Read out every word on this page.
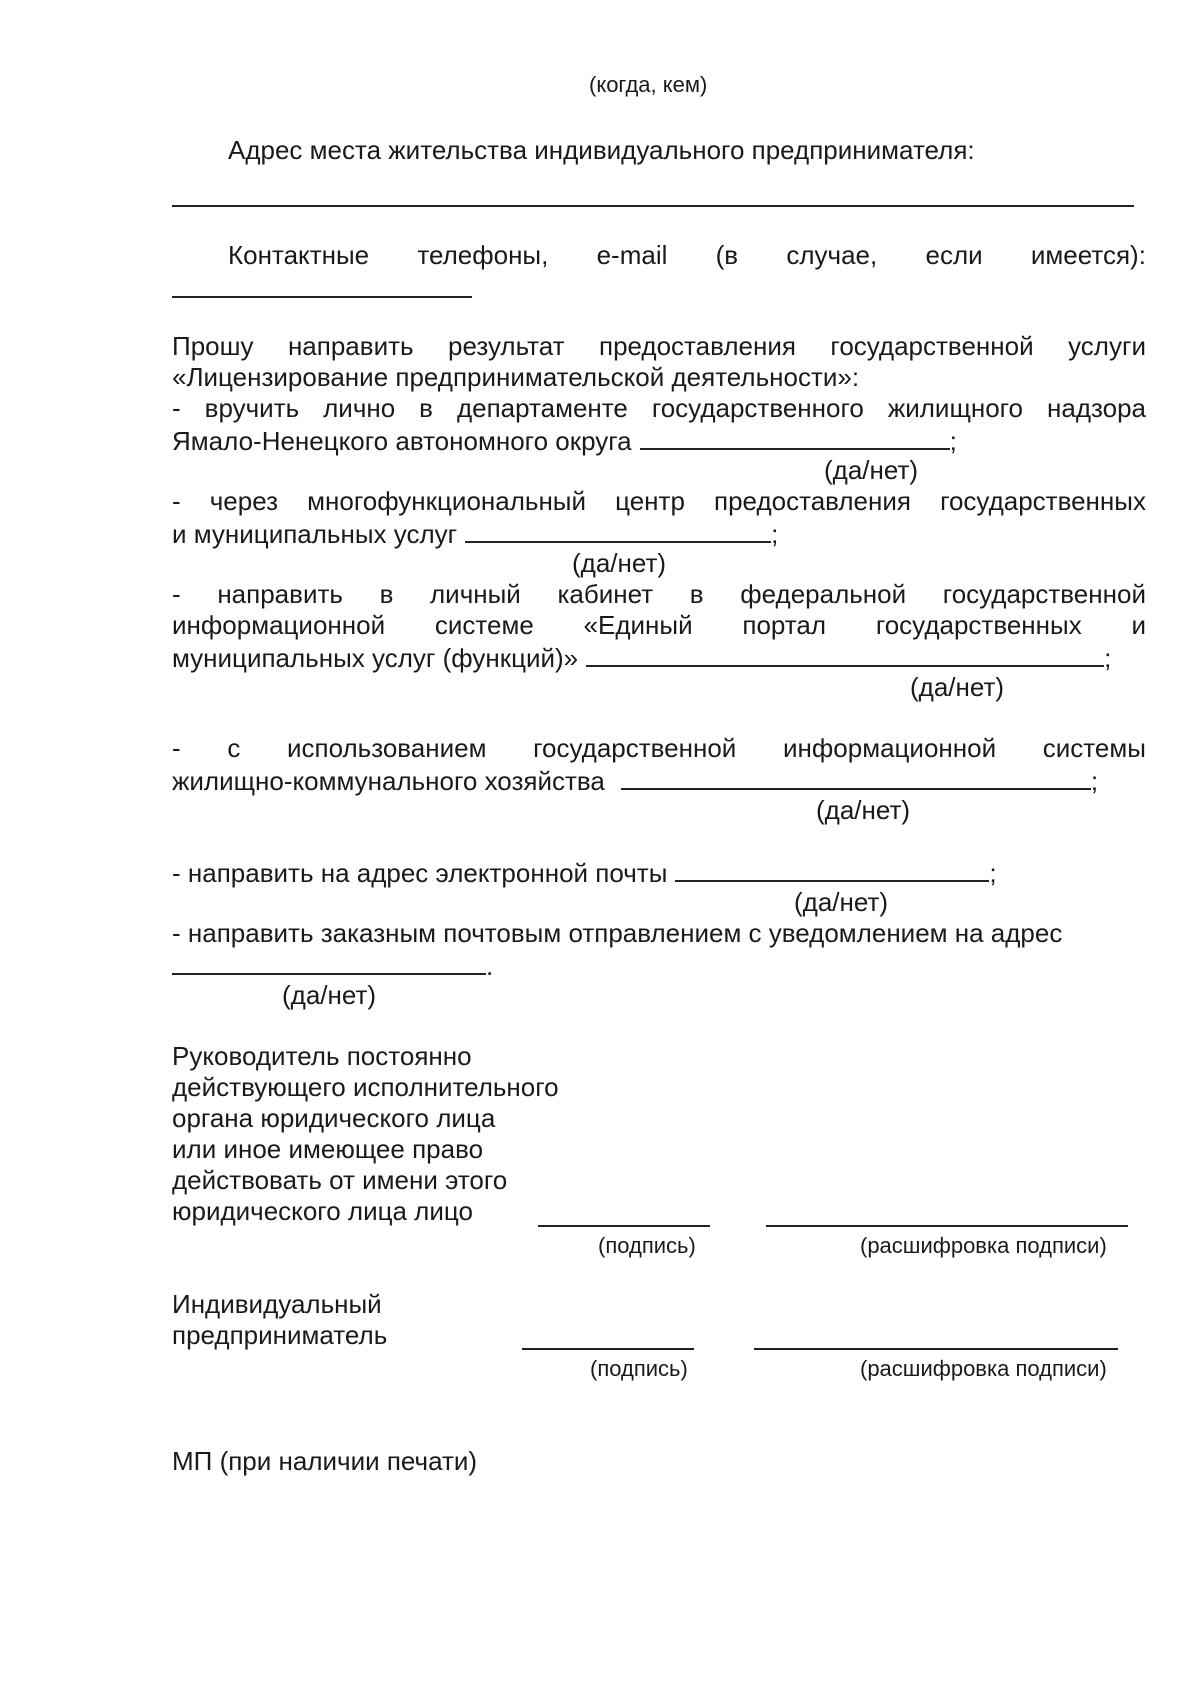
(когда, кем)
Адрес места жительства индивидуального предпринимателя:
Контактные телефоны, e-mail (в случае, если имеется):
Прошу направить результат предоставления государственной услуги
«Лицензирование предпринимательской деятельности»:
- вручить лично в департаменте государственного жилищного надзора
Ямало-Ненецкого автономного округа	;
(да/нет)
- через многофункциональный центр предоставления государственных
и муниципальных услуг	;
(да/нет)
- направить в личный кабинет в федеральной государственной
информационной системе «Единый портал государственных и
муниципальных услуг (функций)»	;
(да/нет)
- с использованием государственной информационной системы
жилищно-коммунального хозяйства	;
(да/нет)
- направить на адрес электронной почты	;
(да/нет)
- направить заказным почтовым отправлением с уведомлением на адрес
.
(да/нет)
Руководитель постоянно
действующего исполнительного
органа юридического лица
или иное имеющее право
действовать от имени этого
юридического лица лицо
(подпись)	(расшифровка подписи)
Индивидуальный
предприниматель
(подпись)	(расшифровка подписи)
МП (при наличии печати)
